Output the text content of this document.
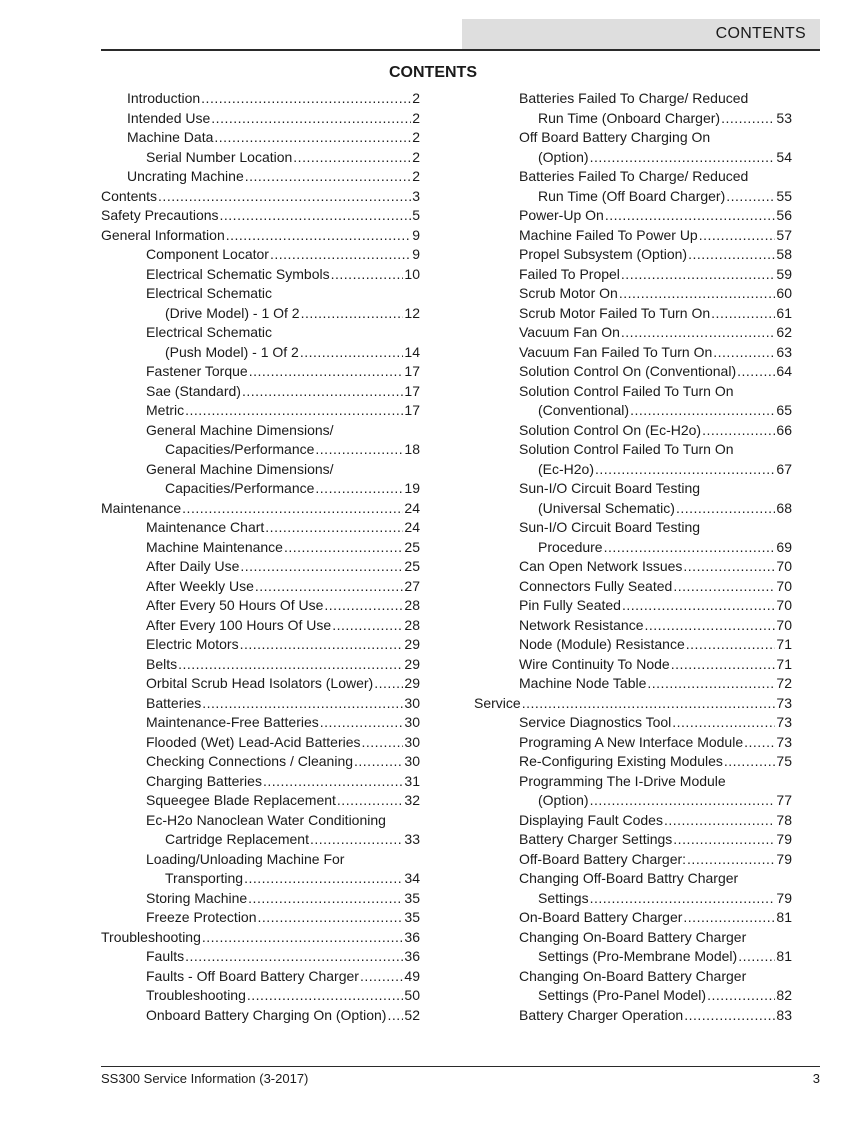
CONTENTS
CONTENTS
Introduction .....	2
Intended Use .....	2
Machine Data .....	2
Serial Number Location .....	2
Uncrating Machine .....	2
Contents .....	3
Safety Precautions .....	5
General Information .....	9
Component Locator .....	9
Electrical Schematic Symbols .....	10
Electrical Schematic
(Drive Model) - 1 Of 2 .....	12
Electrical Schematic
(Push Model) - 1 Of 2 .....	14
Fastener Torque .....	17
Sae (Standard) .....	17
Metric .....	17
General Machine Dimensions/
Capacities/Performance .....	18
General Machine Dimensions/
Capacities/Performance .....	19
Maintenance .....	24
Maintenance Chart .....	24
Machine Maintenance .....	25
After Daily Use .....	25
After Weekly Use .....	27
After Every 50 Hours Of Use .....	28
After Every 100 Hours Of Use .....	28
Electric Motors .....	29
Belts .....	29
Orbital Scrub Head Isolators (Lower) ..... 29
Batteries .....	30
Maintenance-Free Batteries .....	30
Flooded (Wet) Lead-Acid Batteries .....	30
Checking Connections / Cleaning .....	30
Charging Batteries .....	31
Squeegee Blade Replacement .....	32
Ec-H2o Nanoclean Water Conditioning
Cartridge Replacement .....	33
Loading/Unloading Machine For
Transporting .....	34
Storing Machine .....	35
Freeze Protection .....	35
Troubleshooting .....	36
Faults .....	36
Faults - Off Board Battery Charger .....	49
Troubleshooting .....	50
Onboard Battery Charging On (Option) ..... 52
Batteries Failed To Charge/ Reduced
Run Time (Onboard Charger) .....	53
Off Board Battery Charging On
(Option) .....	54
Batteries Failed To Charge/ Reduced
Run Time (Off Board Charger) .....	55
Power-Up On .....	56
Machine Failed To Power Up .....	57
Propel Subsystem (Option) .....	58
Failed To Propel .....	59
Scrub Motor On .....	60
Scrub Motor Failed To Turn On .....	61
Vacuum Fan On .....	62
Vacuum Fan Failed To Turn On .....	63
Solution Control On (Conventional) .....	64
Solution Control Failed To Turn On
(Conventional) .....	65
Solution Control On (Ec-H2o) .....	66
Solution Control Failed To Turn On
(Ec-H2o) .....	67
Sun-I/O Circuit Board Testing
(Universal Schematic) .....	68
Sun-I/O Circuit Board Testing
Procedure .....	69
Can Open Network Issues .....	70
Connectors Fully Seated .....	70
Pin Fully Seated .....	70
Network Resistance .....	70
Node (Module) Resistance .....	71
Wire Continuity To Node .....	71
Machine Node Table .....	72
Service .....	73
Service Diagnostics Tool .....	73
Programing A New Interface Module ..... 73
Re-Configuring Existing Modules .....	75
Programming The I-Drive Module
(Option) .....	77
Displaying Fault Codes .....	78
Battery Charger Settings .....	79
Off-Board Battery Charger: .....	79
Changing Off-Board Battry Charger
Settings .....	79
On-Board Battery Charger .....	81
Changing On-Board Battery Charger
Settings (Pro-Membrane Model) .....	81
Changing On-Board Battery Charger
Settings (Pro-Panel Model) .....	82
Battery Charger Operation .....	83
SS300 Service Information (3-2017)	3
